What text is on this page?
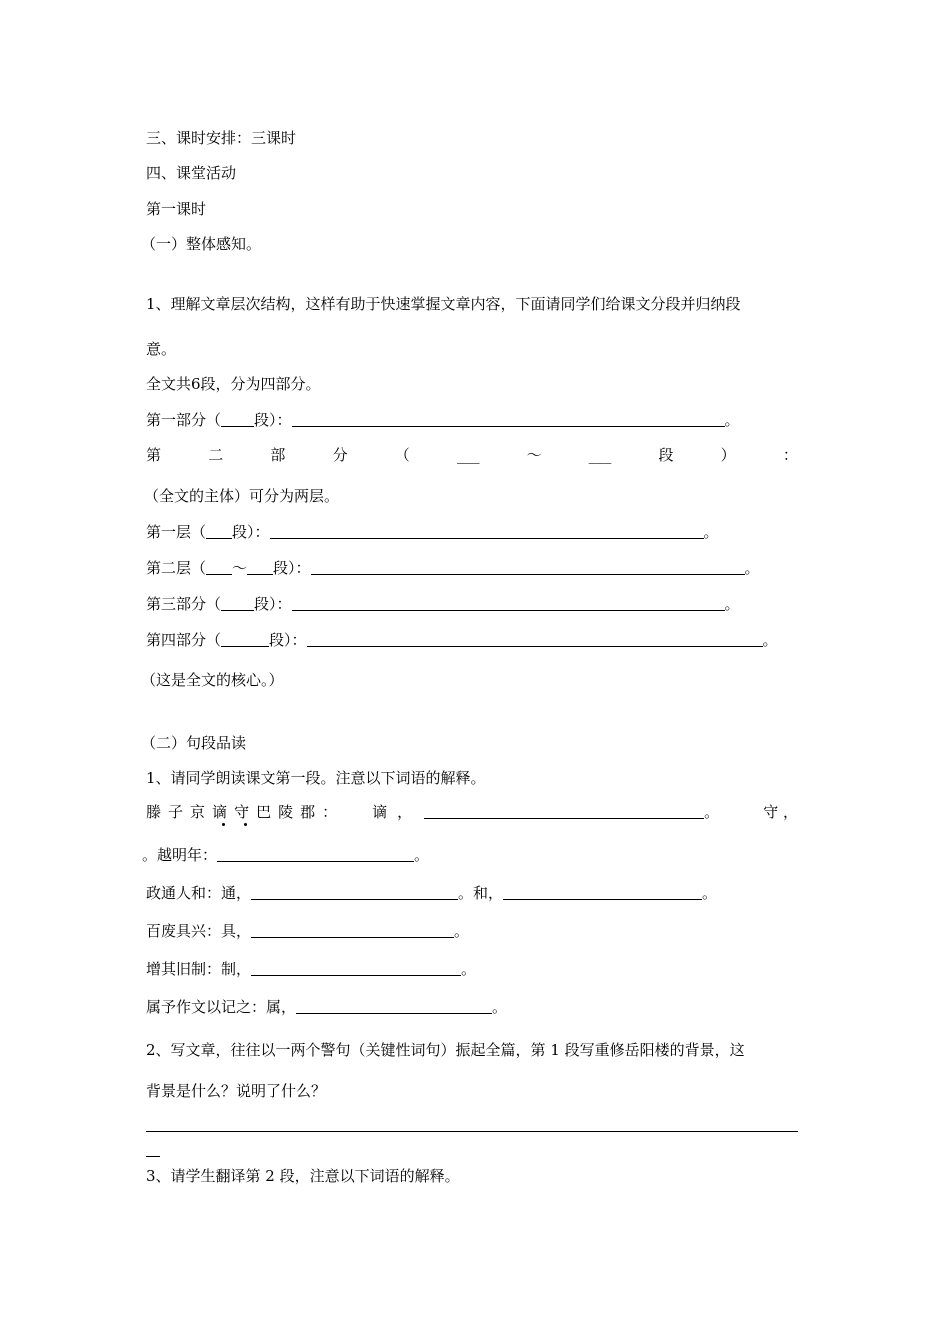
三、课时安排：三课时
四、课堂活动
第一课时
（一）整体感知。
1、理解文章层次结构，这样有助于快速掌握文章内容，下面请同学们给课文分段并归纳段
意。
全文共6段，分为四部分。
第一部分（ 段）：	。
第	二	部	分	（	___	～	___	段	）	：
（全文的主体）可分为两层。
第一层（ 段）：	。
第二层（ ～ 段）：	。
第三部分（ 段）：	。
第四部分（	段）：	。
（这是全文的核心。）
（二）句段品读
1、请同学朗读课文第一段。注意以下词语的解释。
滕子京谪守巴陵郡： 谪 ，	。	守 ，
。越明年：	。
政通人和：通，	。和，	。
百废具兴：具，	。
增其旧制：制，	。
属予作文以记之：属，	。
2、写文章，往往以一两个警句（关键性词句）振起全篇，第 1 段写重修岳阳楼的背景，这
背景是什么？说明了什么？
3、请学生翻译第 2 段，注意以下词语的解释。
